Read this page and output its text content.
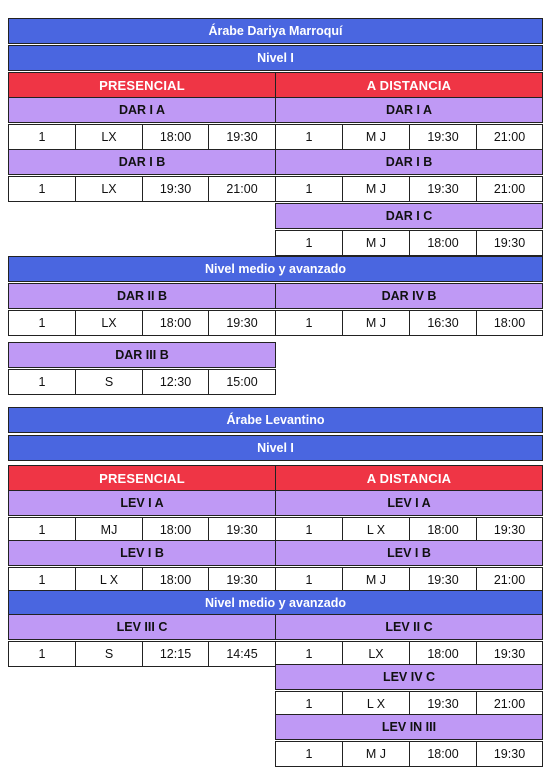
Árabe Dariya Marroquí
Nivel I
PRESENCIAL	A DISTANCIA
DAR I A
1	LX	18:00	19:30
DAR I B
1	LX	19:30	21:00
DAR I A
1	M J	19:30	21:00
DAR I B
1	M J	19:30	21:00
DAR I C
1	M J	18:00	19:30
Nivel medio y avanzado
DAR II B
1	LX	18:00	19:30
DAR IV B
1	M J	16:30	18:00
DAR III B
1	S	12:30	15:00
Árabe Levantino
Nivel I
PRESENCIAL	A DISTANCIA
LEV I A
1	MJ	18:00	19:30
LEV I A
1	L X	18:00	19:30
LEV I B
1	L X	18:00	19:30
LEV I B
1	M J	19:30	21:00
Nivel medio y avanzado
LEV III C
1	S	12:15	14:45
LEV II C
1	LX	18:00	19:30
LEV IV C
1	L X	19:30	21:00
LEV IN III
1	M J	18:00	19:30
